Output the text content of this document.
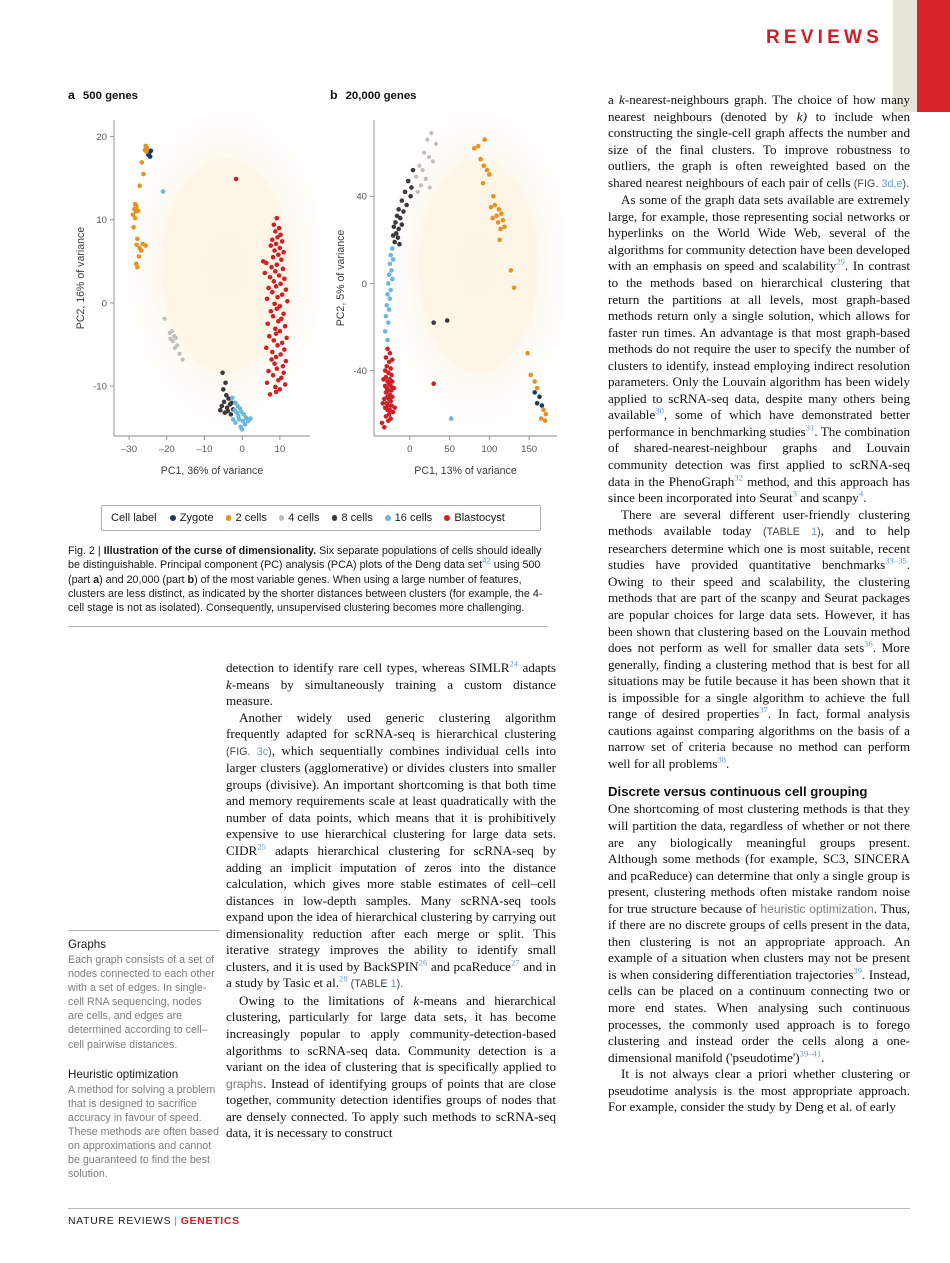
REVIEWS
a 500 genes	b 20,000 genes
-10
0
10
20
–30 –20 –10	0	10
PC1, 36% of variance
PC2, 16% of variance
-40
0
40
0	50	100 150
PC1, 13% of variance
PC2, 5% of variance
Cell label Zygote 2 cells 4 cells 8 cells 16 cells Blastocyst
Fig. 2 | Illustration of the curse of dimensionality. Six separate populations of cells should ideally be distinguishable. Principal component (PC) analysis (PCA) plots of the Deng data set$^{42}$ using 500 (part a) and 20,000 (part b) of the most variable genes. When using a large number of features, clusters are less distinct, as indicated by the shorter distances between clusters (for example, the 4-cell stage is not as isolated). Consequently, unsupervised clustering becomes more challenging.

Graphs

Each graph consists of a set of nodes connected to each other with a set of edges. In single-cell RNA sequencing, nodes are cells, and edges are determined according to cell–cell pairwise distances.

Heuristic optimization

A method for solving a problem that is designed to sacrifice accuracy in favour of speed. These methods are often based on approximations and cannot be guaranteed to find the best solution.

detection to identify rare cell types, whereas SIMLR$^{24}$ adapts k-means by simultaneously training a custom distance measure.

Another widely used generic clustering algorithm frequently adapted for scRNA-seq is hierarchical clustering (FIG. 3c), which sequentially combines individual cells into larger clusters (agglomerative) or divides clusters into smaller groups (divisive). An important shortcoming is that both time and memory requirements scale at least quadratically with the number of data points, which means that it is prohibitively expensive to use hierarchical clustering for large data sets. CIDR$^{25}$ adapts hierarchical clustering for scRNA-seq by adding an implicit imputation of zeros into the distance calculation, which gives more stable estimates of cell–cell distances in low-depth samples. Many scRNA-seq tools expand upon the idea of hierarchical clustering by carrying out dimensionality reduction after each merge or split. This iterative strategy improves the ability to identify small clusters, and it is used by BackSPIN$^{26}$ and pcaReduce$^{27}$ and in a study by Tasic et al.$^{28}$ (TABLE 1).

Owing to the limitations of k-means and hierarchical clustering, particularly for large data sets, it has become increasingly popular to apply community-detection-based algorithms to scRNA-seq data. Community detection is a variant on the idea of clustering that is specifically applied to graphs. Instead of identifying groups of points that are close together, community detection identifies groups of nodes that are densely connected. To apply such methods to scRNA-seq data, it is necessary to construct

a k-nearest-neighbours graph. The choice of how many nearest neighbours (denoted by k) to include when constructing the single-cell graph affects the number and size of the final clusters. To improve robustness to outliers, the graph is often reweighted based on the shared nearest neighbours of each pair of cells (FIG. 3d,e).

As some of the graph data sets available are extremely large, for example, those representing social networks or hyperlinks on the World Wide Web, several of the algorithms for community detection have been developed with an emphasis on speed and scalability$^{29}$. In contrast to the methods based on hierarchical clustering that return the partitions at all levels, most graph-based methods return only a single solution, which allows for faster run times. An advantage is that most graph-based methods do not require the user to specify the number of clusters to identify, instead employing indirect resolution parameters. Only the Louvain algorithm has been widely applied to scRNA-seq data, despite many others being available$^{30}$, some of which have demonstrated better performance in benchmarking studies$^{31}$. The combination of shared-nearest-neighbour graphs and Louvain community detection was first applied to scRNA-seq data in the PhenoGraph$^{32}$ method, and this approach has since been incorporated into Seurat$^3$ and scanpy$^4$.

There are several different user-friendly clustering methods available today (TABLE 1), and to help researchers determine which one is most suitable, recent studies have provided quantitative benchmarks$^{33-35}$. Owing to their speed and scalability, the clustering methods that are part of the scanpy and Seurat packages are popular choices for large data sets. However, it has been shown that clustering based on the Louvain method does not perform as well for smaller data sets$^{36}$. More generally, finding a clustering method that is best for all situations may be futile because it has been shown that it is impossible for a single algorithm to achieve the full range of desired properties$^{37}$. In fact, formal analysis cautions against comparing algorithms on the basis of a narrow set of criteria because no method can perform well for all problems$^{38}$.

Discrete versus continuous cell grouping

One shortcoming of most clustering methods is that they will partition the data, regardless of whether or not there are any biologically meaningful groups present. Although some methods (for example, SC3, SINCERA and pcaReduce) can determine that only a single group is present, clustering methods often mistake random noise for true structure because of heuristic optimization. Thus, if there are no discrete groups of cells present in the data, then clustering is not an appropriate approach. An example of a situation when clusters may not be present is when considering differentiation trajectories$^{39}$. Instead, cells can be placed on a continuum connecting two or more end states. When analysing such continuous processes, the commonly used approach is to forego clustering and instead order the cells along a one-dimensional manifold ('pseudotime')$^{39-41}$.

It is not always clear a priori whether clustering or pseudotime analysis is the most appropriate approach. For example, consider the study by Deng et al. of early

NATURE REVIEWS | GENETICS
